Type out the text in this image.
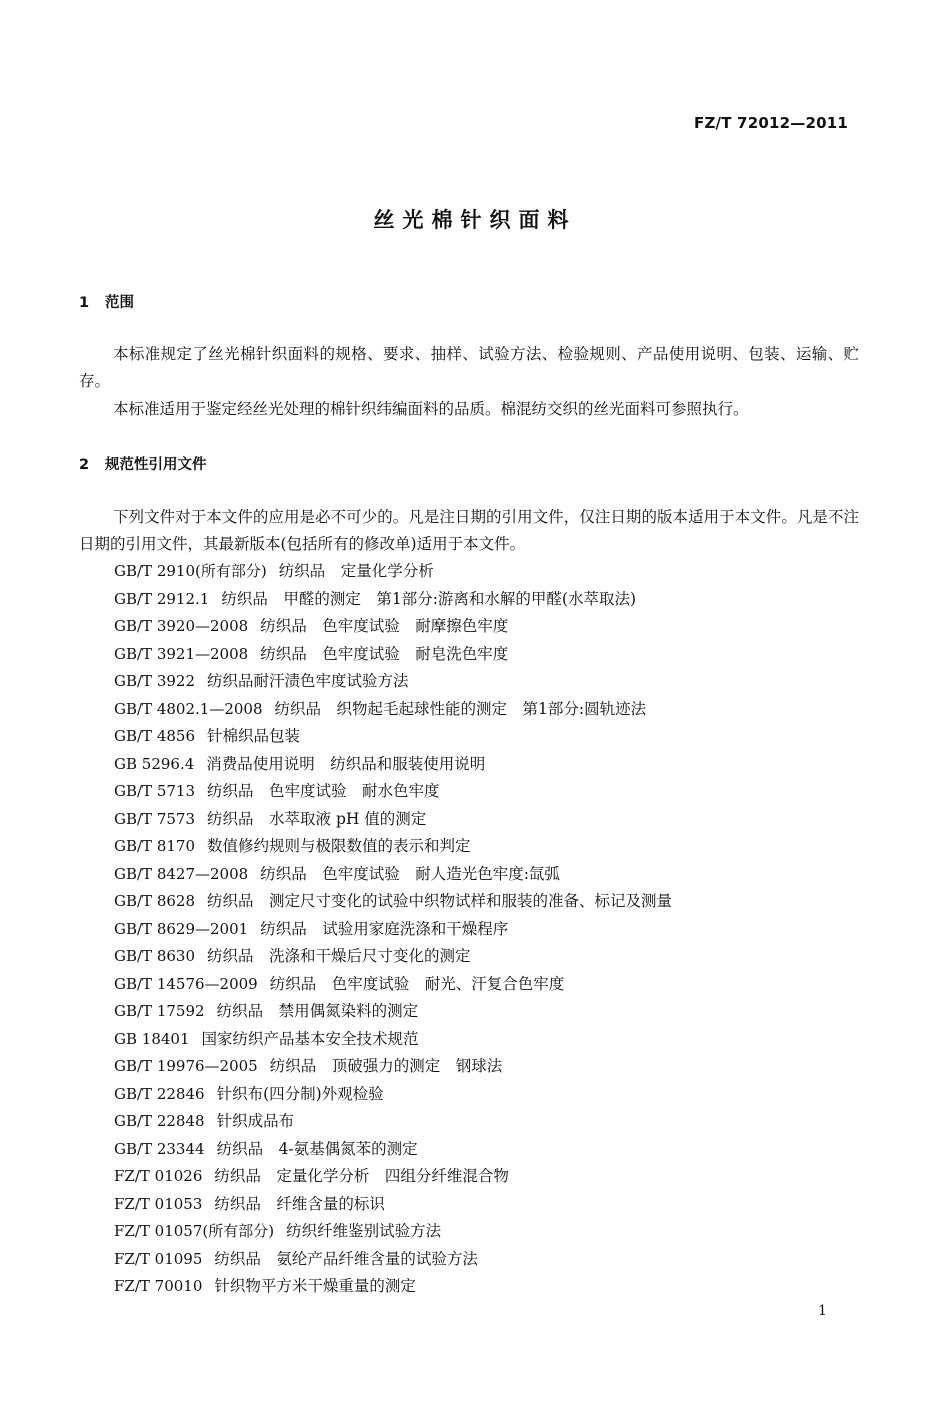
FZ/T 72012—2011
丝光棉针织面料
1 范围
本标准规定了丝光棉针织面料的规格、要求、抽样、试验方法、检验规则、产品使用说明、包装、运输、贮存。
本标准适用于鉴定经丝光处理的棉针织纬编面料的品质。棉混纺交织的丝光面料可参照执行。
2 规范性引用文件
下列文件对于本文件的应用是必不可少的。凡是注日期的引用文件，仅注日期的版本适用于本文件。凡是不注日期的引用文件，其最新版本(包括所有的修改单)适用于本文件。
GB/T 2910(所有部分) 纺织品　定量化学分析
GB/T 2912.1 纺织品　甲醛的测定　第1部分:游离和水解的甲醛(水萃取法)
GB/T 3920—2008 纺织品　色牢度试验　耐摩擦色牢度
GB/T 3921—2008 纺织品　色牢度试验　耐皂洗色牢度
GB/T 3922 纺织品耐汗渍色牢度试验方法
GB/T 4802.1—2008 纺织品　织物起毛起球性能的测定　第1部分:圆轨迹法
GB/T 4856 针棉织品包装
GB 5296.4 消费品使用说明　纺织品和服装使用说明
GB/T 5713 纺织品　色牢度试验　耐水色牢度
GB/T 7573 纺织品　水萃取液 pH 值的测定
GB/T 8170 数值修约规则与极限数值的表示和判定
GB/T 8427—2008 纺织品　色牢度试验　耐人造光色牢度:氙弧
GB/T 8628 纺织品　测定尺寸变化的试验中织物试样和服装的准备、标记及测量
GB/T 8629—2001 纺织品　试验用家庭洗涤和干燥程序
GB/T 8630 纺织品　洗涤和干燥后尺寸变化的测定
GB/T 14576—2009 纺织品　色牢度试验　耐光、汗复合色牢度
GB/T 17592 纺织品　禁用偶氮染料的测定
GB 18401 国家纺织产品基本安全技术规范
GB/T 19976—2005 纺织品　顶破强力的测定　钢球法
GB/T 22846 针织布(四分制)外观检验
GB/T 22848 针织成品布
GB/T 23344 纺织品　4-氨基偶氮苯的测定
FZ/T 01026 纺织品　定量化学分析　四组分纤维混合物
FZ/T 01053 纺织品　纤维含量的标识
FZ/T 01057(所有部分) 纺织纤维鉴别试验方法
FZ/T 01095 纺织品　氨纶产品纤维含量的试验方法
FZ/T 70010 针织物平方米干燥重量的测定
1
